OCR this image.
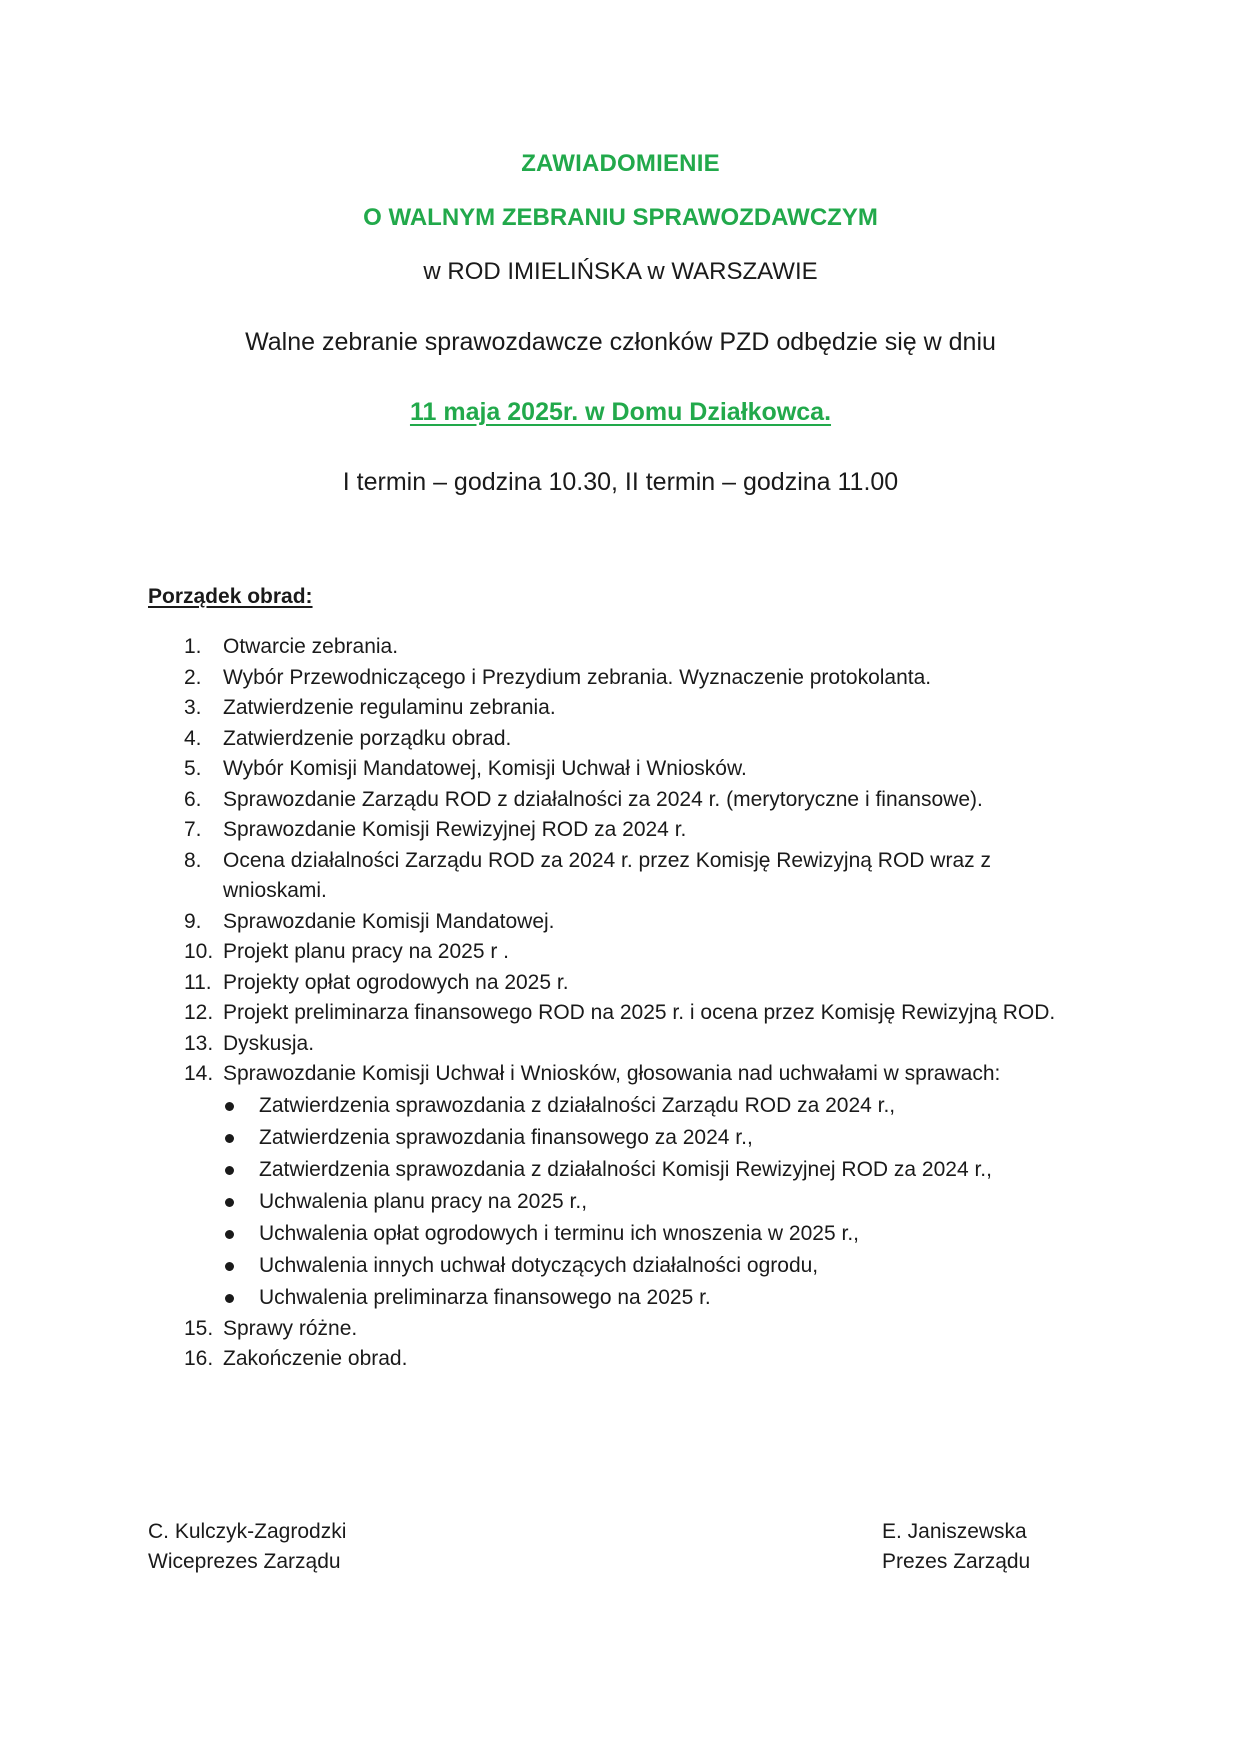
ZAWIADOMIENIE
O WALNYM ZEBRANIU SPRAWOZDAWCZYM
w ROD IMIELIŃSKA w WARSZAWIE
Walne zebranie sprawozdawcze członków PZD odbędzie się w dniu
11 maja 2025r. w Domu Działkowca.
I termin – godzina 10.30, II termin – godzina 11.00
Porządek obrad:
1. Otwarcie zebrania.
2. Wybór Przewodniczącego i Prezydium zebrania. Wyznaczenie protokolanta.
3. Zatwierdzenie regulaminu zebrania.
4. Zatwierdzenie porządku obrad.
5. Wybór Komisji Mandatowej, Komisji Uchwał i Wniosków.
6. Sprawozdanie Zarządu ROD z działalności za 2024 r. (merytoryczne i finansowe).
7. Sprawozdanie Komisji Rewizyjnej ROD za 2024 r.
8. Ocena działalności Zarządu ROD za 2024 r. przez Komisję Rewizyjną ROD wraz z wnioskami.
9. Sprawozdanie Komisji Mandatowej.
10. Projekt planu pracy na 2025 r .
11. Projekty opłat ogrodowych na 2025 r.
12. Projekt preliminarza finansowego ROD na 2025 r. i ocena przez Komisję Rewizyjną ROD.
13. Dyskusja.
14. Sprawozdanie Komisji Uchwał i Wniosków, głosowania nad uchwałami w sprawach:
Zatwierdzenia sprawozdania z działalności Zarządu ROD za 2024 r.,
Zatwierdzenia sprawozdania finansowego za 2024 r.,
Zatwierdzenia sprawozdania z działalności Komisji Rewizyjnej ROD za 2024 r.,
Uchwalenia planu pracy na 2025 r.,
Uchwalenia opłat ogrodowych i terminu ich wnoszenia w 2025 r.,
Uchwalenia innych uchwał dotyczących działalności ogrodu,
Uchwalenia preliminarza finansowego na 2025 r.
15. Sprawy różne.
16. Zakończenie obrad.
C. Kulczyk-Zagrodzki
Wiceprezes Zarządu
E. Janiszewska
Prezes Zarządu
